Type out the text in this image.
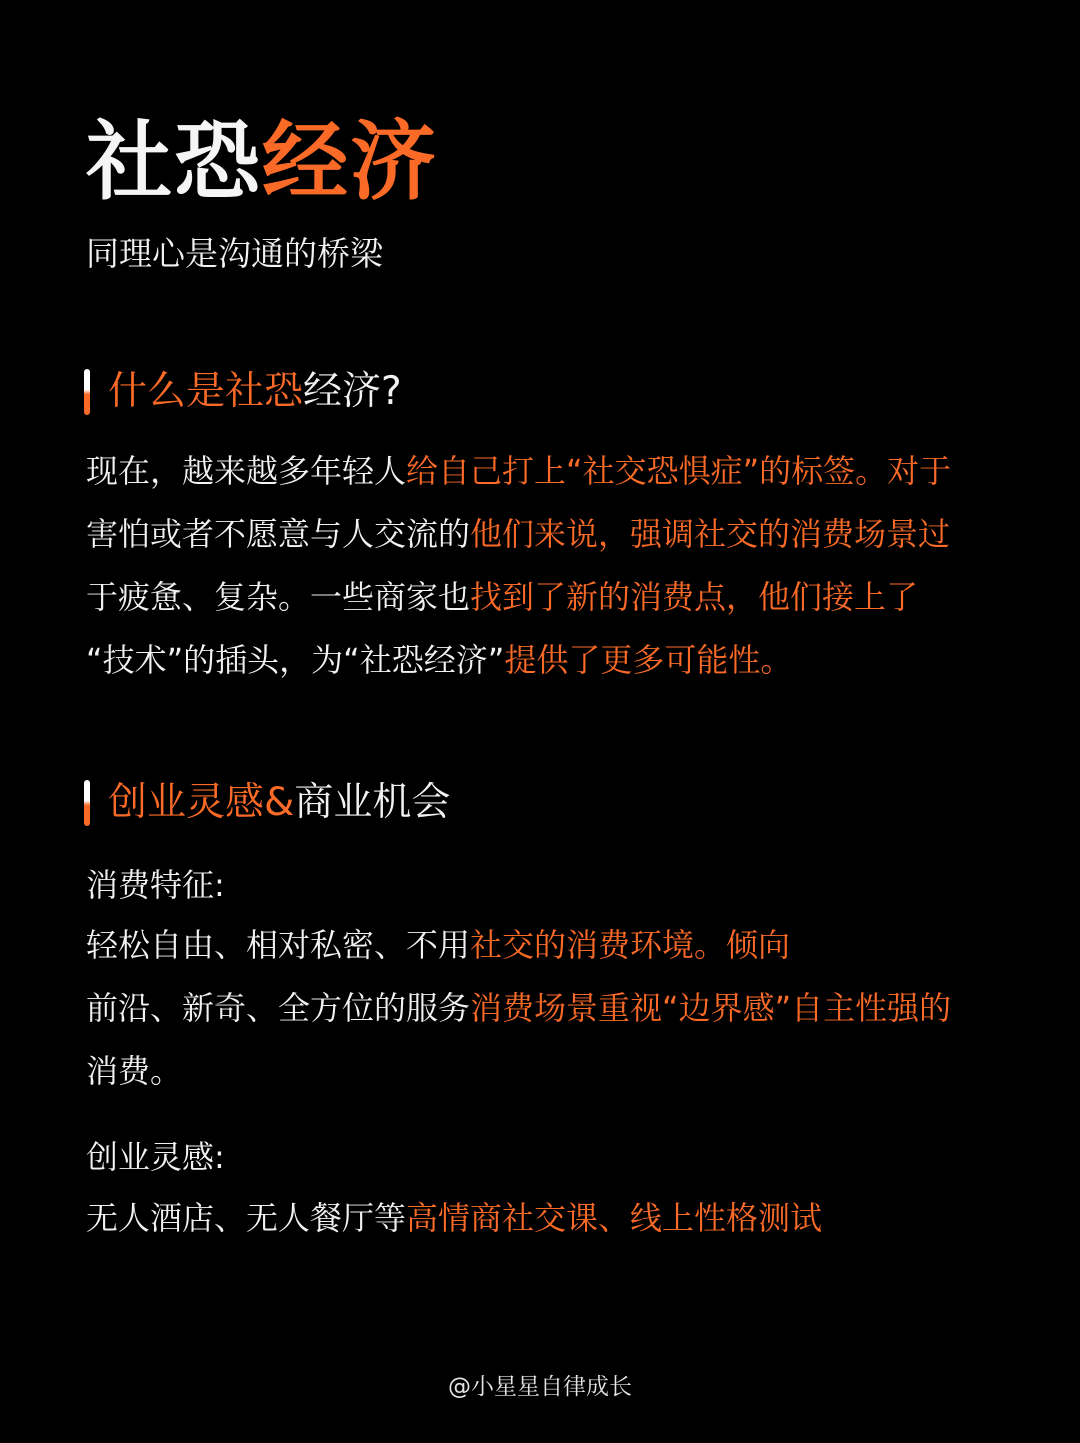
社恐经济
同理心是沟通的桥梁
什么是社恐经济?
现在，越来越多年轻人给自己打上“社交恐惧症”的标签。对于
害怕或者不愿意与人交流的他们来说，强调社交的消费场景过
于疲惫、复杂。一些商家也找到了新的消费点，他们接上了
“技术”的插头，为“社恐经济”提供了更多可能性。
创业灵感&商业机会
消费特征:
轻松自由、相对私密、不用社交的消费环境。倾向
前沿、新奇、全方位的服务消费场景重视“边界感”自主性强的
消费。
创业灵感:
无人酒店、无人餐厅等高情商社交课、线上性格测试
@小星星自律成长
